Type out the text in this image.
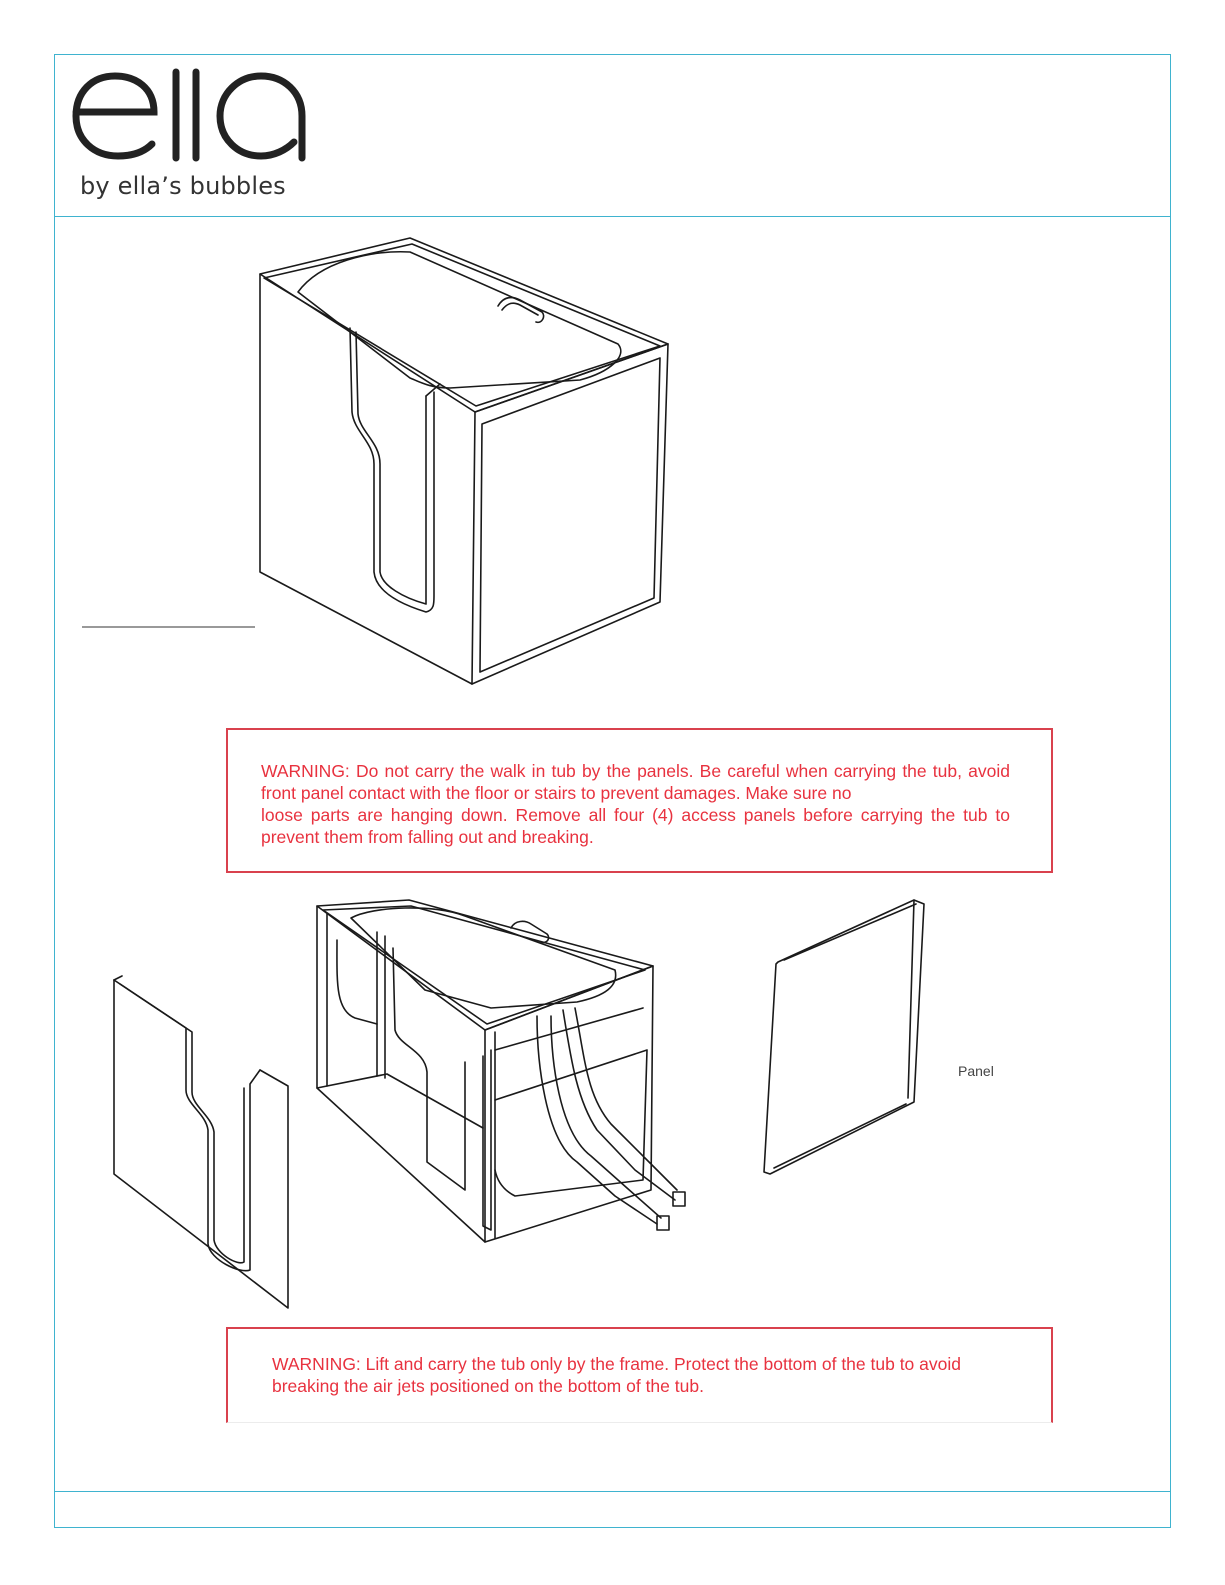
by ella’s bubbles

WARNING: Do not carry the walk in tub by the panels. Be careful when carrying the tub, avoid front panel contact with the floor or stairs to prevent damages. Make sure no

loose parts are hanging down. Remove all four (4) access panels before carrying the tub to prevent them from falling out and breaking.

Panel

WARNING: Lift and carry the tub only by the frame. Protect the bottom of the tub to avoid breaking the air jets positioned on the bottom of the tub.
